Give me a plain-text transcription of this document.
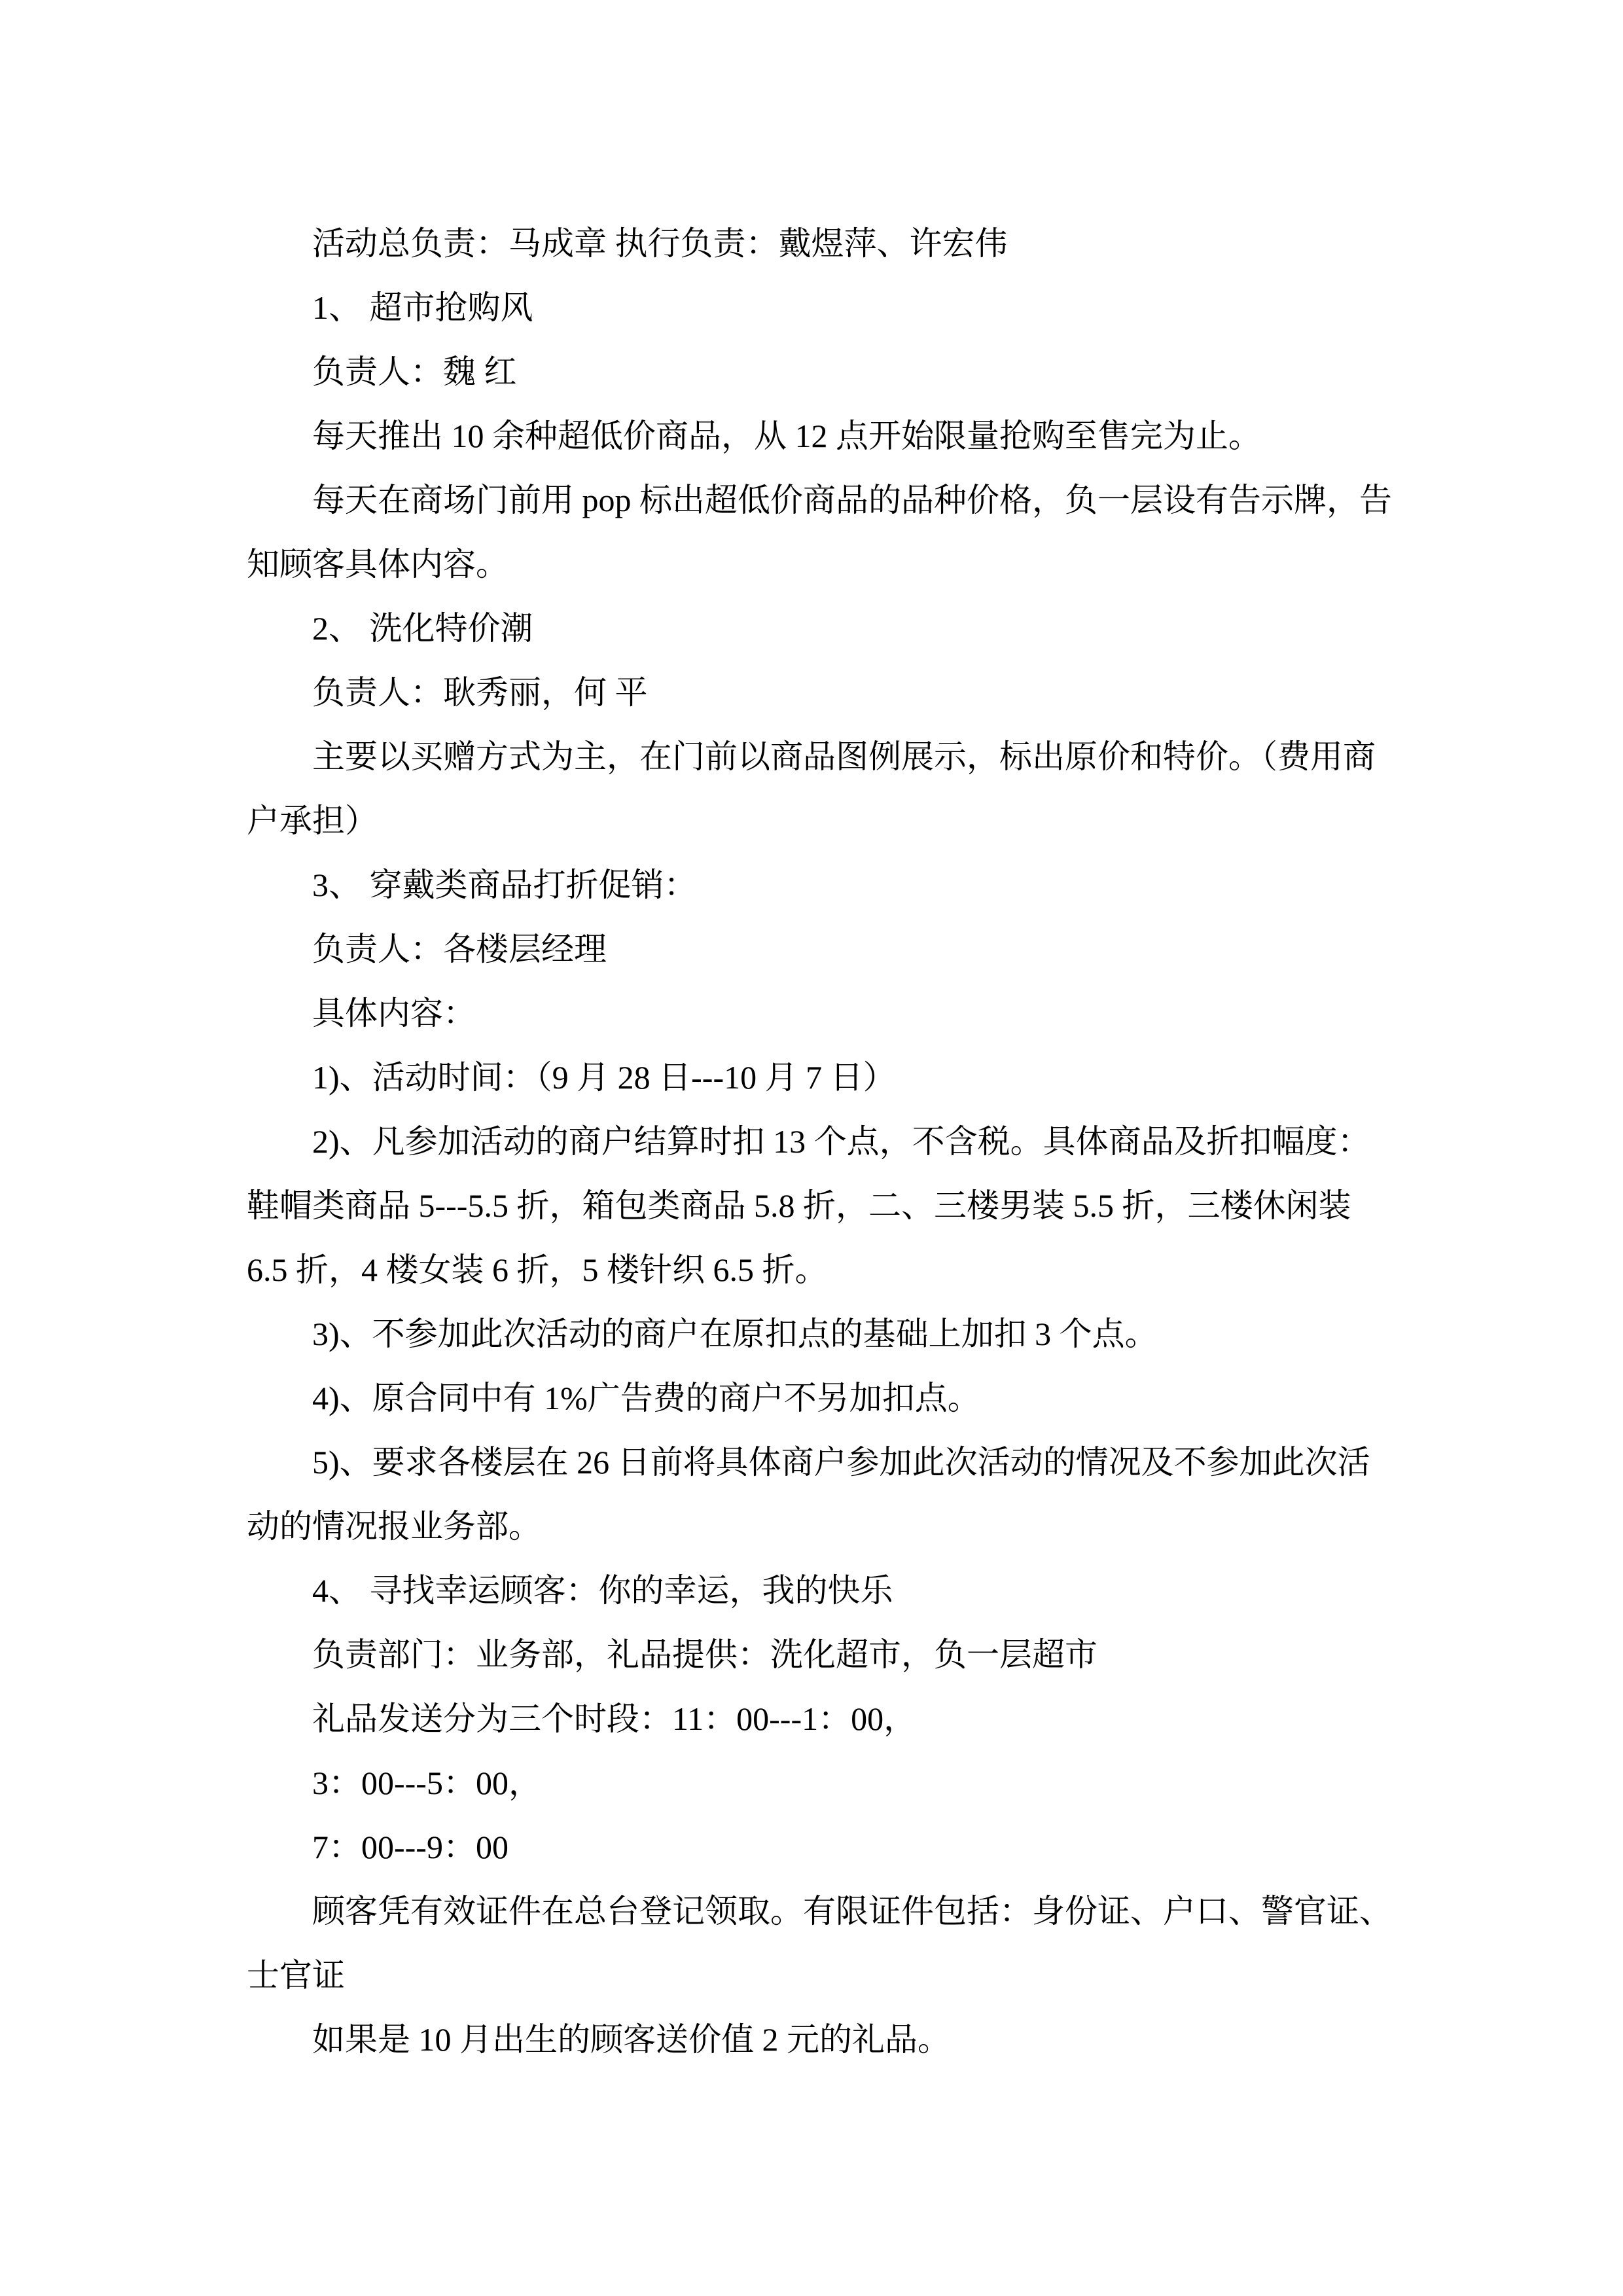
活动总负责：马成章 执行负责：戴煜萍、许宏伟
1、 超市抢购风
负责人：魏 红
每天推出 10 余种超低价商品，从 12 点开始限量抢购至售完为止。
每天在商场门前用 pop 标出超低价商品的品种价格，负一层设有告示牌，告
知顾客具体内容。
2、 洗化特价潮
负责人：耿秀丽，何 平
主要以买赠方式为主，在门前以商品图例展示，标出原价和特价。（费用商
户承担）
3、 穿戴类商品打折促销：
负责人：各楼层经理
具体内容：
1)、活动时间：（9 月 28 日---10 月 7 日）
2)、凡参加活动的商户结算时扣 13 个点，不含税。具体商品及折扣幅度：
鞋帽类商品 5---5.5 折，箱包类商品 5.8 折，二、三楼男装 5.5 折，三楼休闲装
6.5 折，4 楼女装 6 折，5 楼针织 6.5 折。
3)、不参加此次活动的商户在原扣点的基础上加扣 3 个点。
4)、原合同中有 1%广告费的商户不另加扣点。
5)、要求各楼层在 26 日前将具体商户参加此次活动的情况及不参加此次活
动的情况报业务部。
4、 寻找幸运顾客：你的幸运，我的快乐
负责部门：业务部，礼品提供：洗化超市，负一层超市
礼品发送分为三个时段：11：00---1：00，
3：00---5：00，
7：00---9：00
顾客凭有效证件在总台登记领取。有限证件包括：身份证、户口、警官证、
士官证
如果是 10 月出生的顾客送价值 2 元的礼品。
